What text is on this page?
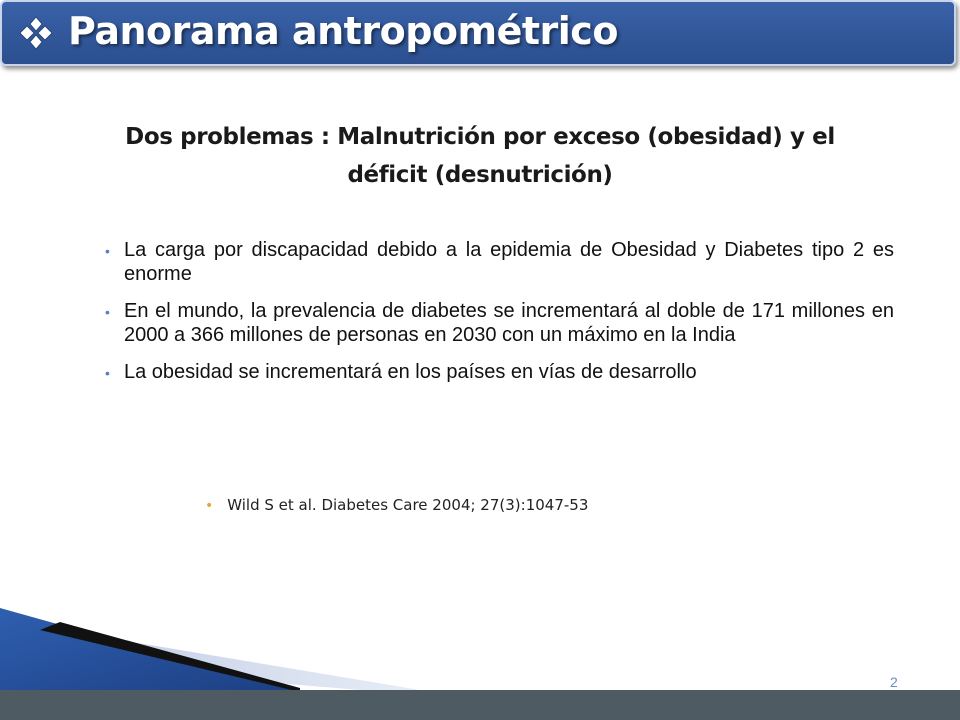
Panorama antropométrico
Dos problemas : Malnutrición por exceso (obesidad) y el
déficit (desnutrición)
• La carga por discapacidad debido a la epidemia de Obesidad y Diabetes tipo 2 es enorme
• En el mundo, la prevalencia de diabetes se incrementará al doble de 171 millones en 2000 a 366 millones de personas en 2030 con un máximo en la India
• La obesidad se incrementará en los países en vías de desarrollo
• Wild S et al. Diabetes Care 2004; 27(3):1047-53
2
